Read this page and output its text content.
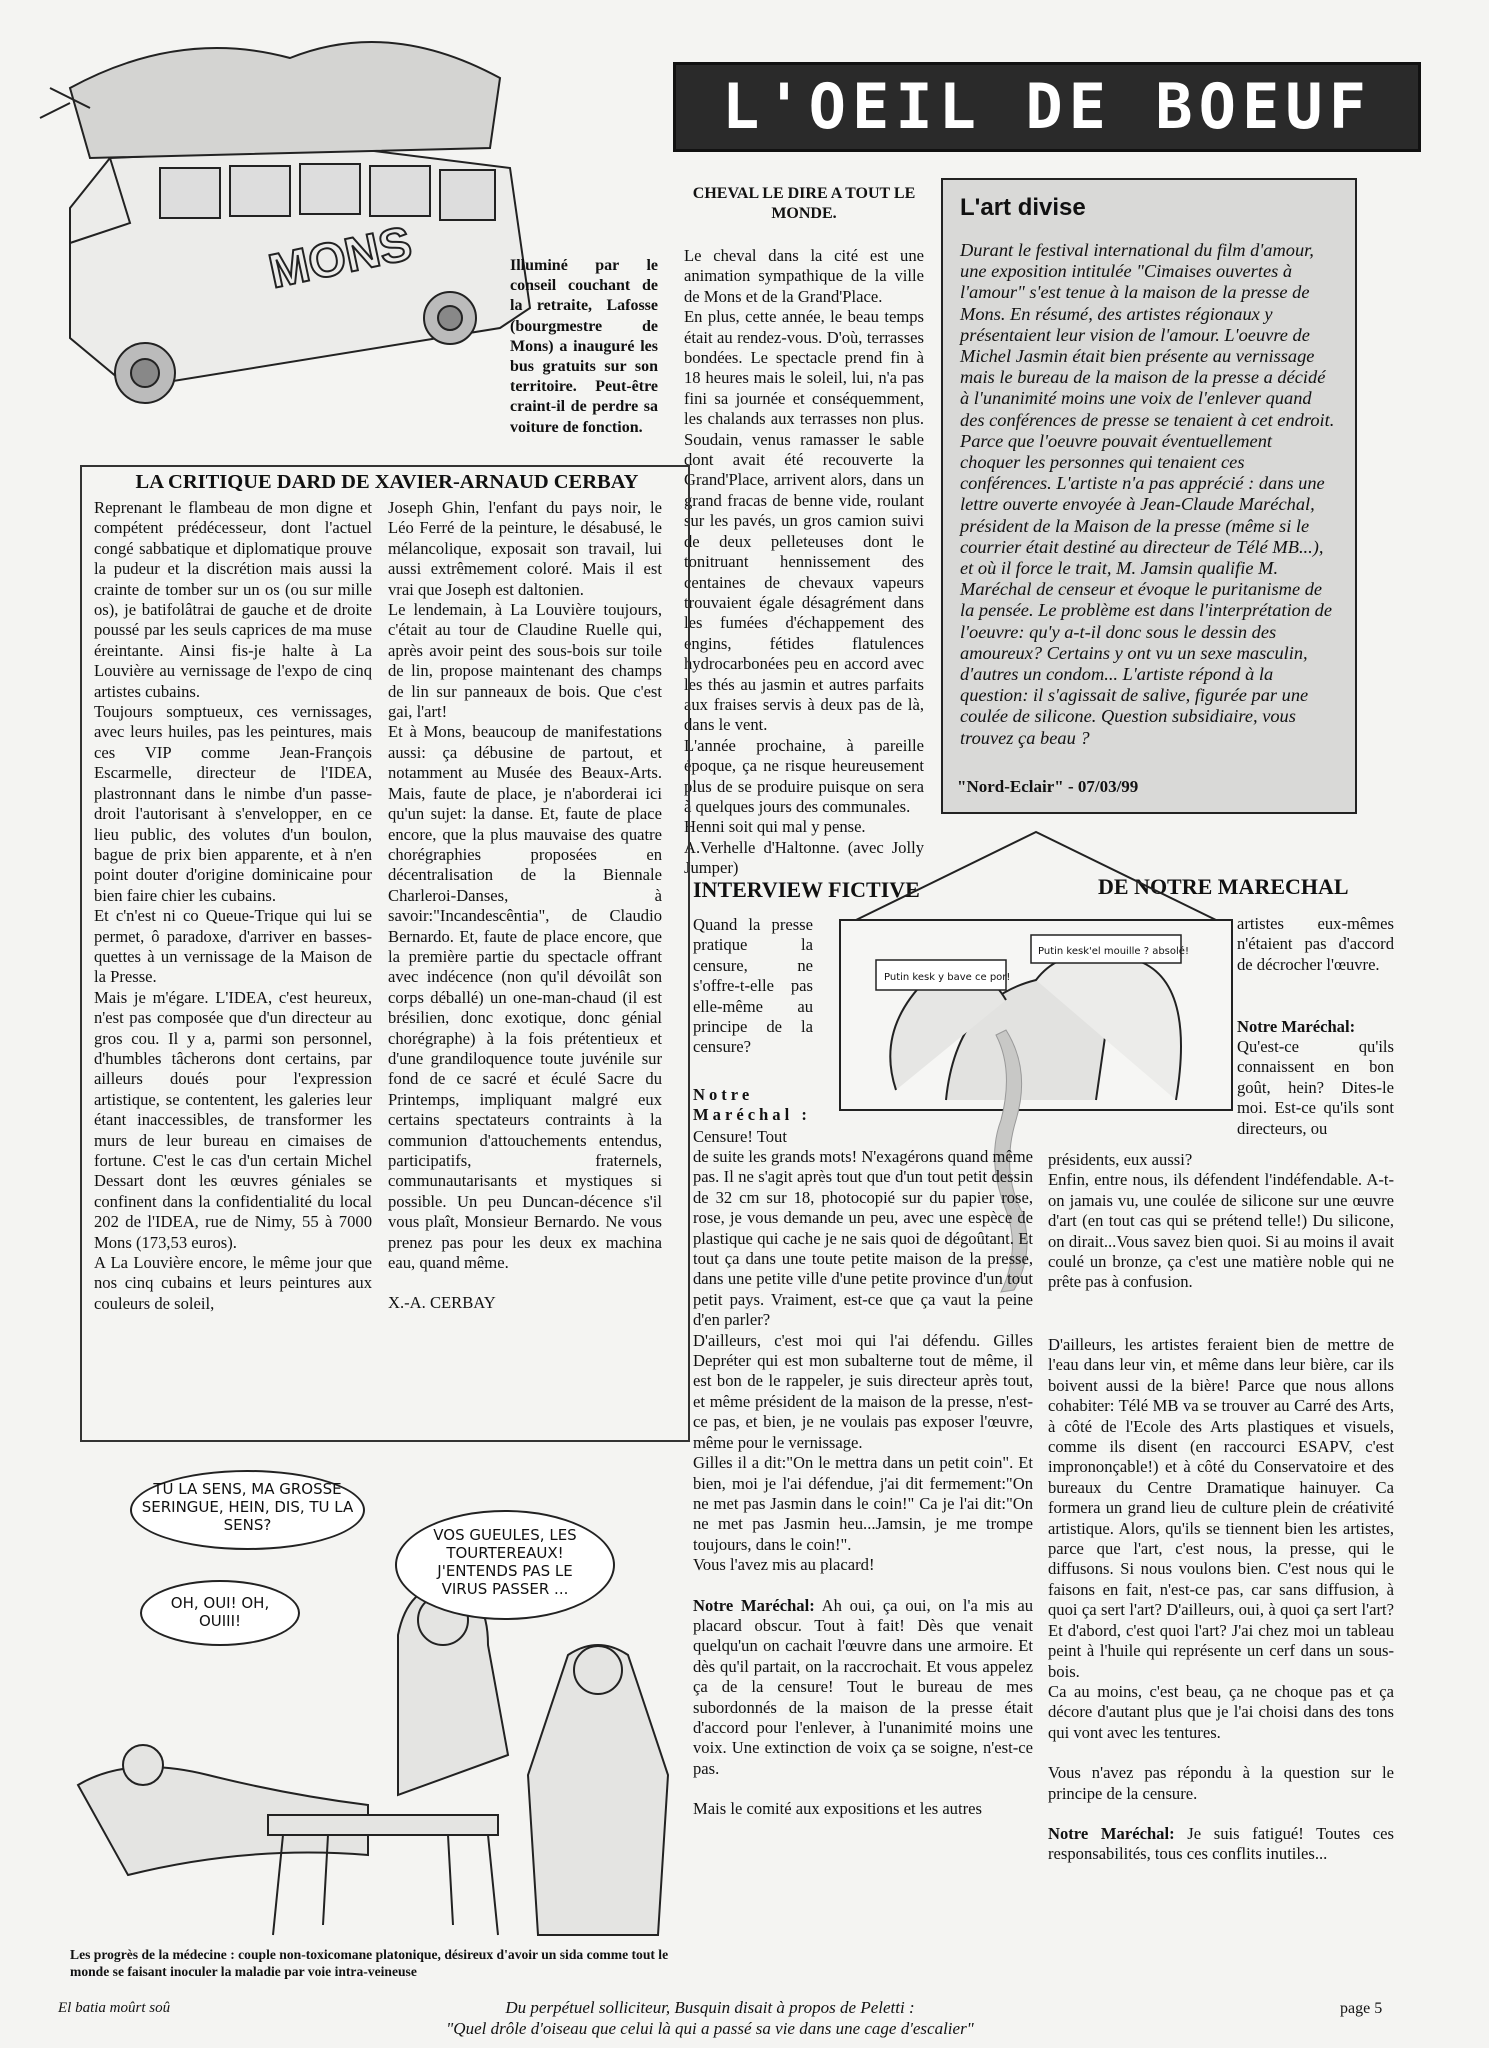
L'OEIL DE BOEUF
MONS	Illuminé par le conseil couchant de la retraite, Lafosse (bourgmestre de Mons) a inauguré les bus gratuits sur son territoire. Peut-être craint-il de perdre sa voiture de fonction.
CHEVAL LE DIRE A TOUT LE MONDE.

Le cheval dans la cité est une animation sympathique de la ville de Mons et de la Grand'Place.

En plus, cette année, le beau temps était au rendez-vous. D'où, terrasses bondées. Le spectacle prend fin à 18 heures mais le soleil, lui, n'a pas fini sa journée et conséquemment, les chalands aux terrasses non plus. Soudain, venus ramasser le sable dont avait été recouverte la Grand'Place, arrivent alors, dans un grand fracas de benne vide, roulant sur les pavés, un gros camion suivi de deux pelleteuses dont le tonitruant hennissement des centaines de chevaux vapeurs trouvaient égale désagrément dans les fumées d'échappement des engins, fétides flatulences hydrocarbonées peu en accord avec les thés au jasmin et autres parfaits aux fraises servis à deux pas de là, dans le vent.

L'année prochaine, à pareille époque, ça ne risque heureusement plus de se produire puisque on sera à quelques jours des communales.

Henni soit qui mal y pense.

A.Verhelle d'Haltonne. (avec Jolly Jumper)

L'art divise
Durant le festival international du film d'amour, une exposition intitulée "Cimaises ouvertes à l'amour" s'est tenue à la maison de la presse de Mons. En résumé, des artistes régionaux y présentaient leur vision de l'amour. L'oeuvre de Michel Jasmin était bien présente au vernissage mais le bureau de la maison de la presse a décidé à l'unanimité moins une voix de l'enlever quand des conférences de presse se tenaient à cet endroit. Parce que l'oeuvre pouvait éventuellement choquer les personnes qui tenaient ces conférences. L'artiste n'a pas apprécié : dans une lettre ouverte envoyée à Jean-Claude Maréchal, président de la Maison de la presse (même si le courrier était destiné au directeur de Télé MB...), et où il force le trait, M. Jamsin qualifie M. Maréchal de censeur et évoque le puritanisme de la pensée. Le problème est dans l'interprétation de l'oeuvre: qu'y a-t-il donc sous le dessin des amoureux? Certains y ont vu un sexe masculin, d'autres un condom... L'artiste répond à la question: il s'agissait de salive, figurée par une coulée de silicone. Question subsidiaire, vous trouvez ça beau ?
"Nord-Eclair" - 07/03/99
LA CRITIQUE DARD DE XAVIER-ARNAUD CERBAY

Reprenant le flambeau de mon digne et compétent prédécesseur, dont l'actuel congé sabbatique et diplomatique prouve la pudeur et la discrétion mais aussi la crainte de tomber sur un os (ou sur mille os), je batifolâtrai de gauche et de droite poussé par les seuls caprices de ma muse éreintante. Ainsi fis-je halte à La Louvière au vernissage de l'expo de cinq artistes cubains.

Toujours somptueux, ces vernissages, avec leurs huiles, pas les peintures, mais ces VIP comme Jean-François Escarmelle, directeur de l'IDEA, plastronnant dans le nimbe d'un passe-droit l'autorisant à s'envelopper, en ce lieu public, des volutes d'un boulon, bague de prix bien apparente, et à n'en point douter d'origine dominicaine pour bien faire chier les cubains.

Et c'n'est ni co Queue-Trique qui lui se permet, ô paradoxe, d'arriver en basses-quettes à un vernissage de la Maison de la Presse.

Mais je m'égare. L'IDEA, c'est heureux, n'est pas composée que d'un directeur au gros cou. Il y a, parmi son personnel, d'humbles tâcherons dont certains, par ailleurs doués pour l'expression artistique, se contentent, les galeries leur étant inaccessibles, de transformer les murs de leur bureau en cimaises de fortune. C'est le cas d'un certain Michel Dessart dont les œuvres géniales se confinent dans la confidentialité du local 202 de l'IDEA, rue de Nimy, 55 à 7000 Mons (173,53 euros).

A La Louvière encore, le même jour que nos cinq cubains et leurs peintures aux couleurs de soleil,

Joseph Ghin, l'enfant du pays noir, le Léo Ferré de la peinture, le désabusé, le mélancolique, exposait son travail, lui aussi extrêmement coloré. Mais il est vrai que Joseph est daltonien.

Le lendemain, à La Louvière toujours, c'était au tour de Claudine Ruelle qui, après avoir peint des sous-bois sur toile de lin, propose maintenant des champs de lin sur panneaux de bois. Que c'est gai, l'art!

Et à Mons, beaucoup de manifestations aussi: ça débusine de partout, et notamment au Musée des Beaux-Arts. Mais, faute de place, je n'aborderai ici qu'un sujet: la danse. Et, faute de place encore, que la plus mauvaise des quatre chorégraphies proposées en décentralisation de la Biennale Charleroi-Danses, à savoir:"Incandescêntia", de Claudio Bernardo. Et, faute de place encore, que la première partie du spectacle offrant avec indécence (non qu'il dévoilât son corps déballé) un one-man-chaud (il est brésilien, donc exotique, donc génial chorégraphe) à la fois prétentieux et d'une grandiloquence toute juvénile sur fond de ce sacré et éculé Sacre du Printemps, impliquant malgré eux certains spectateurs contraints à la communion d'attouchements entendus, participatifs, fraternels, communautarisants et mystiques si possible. Un peu Duncan-décence s'il vous plaît, Monsieur Bernardo. Ne vous prenez pas pour les deux ex machina eau, quand même.

X.-A. CERBAY

INTERVIEW FICTIVE	DE NOTRE MARECHAL
Putin kesk y bave ce por!
Putin kesk'el mouille ? absolé!
Quand la presse pratique la censure, ne s'offre-t-elle pas elle-même au principe de la censure?
Notre Maréchal :
Censure! Tout

de suite les grands mots! N'exagérons quand même pas. Il ne s'agit après tout que d'un tout petit dessin de 32 cm sur 18, photocopié sur du papier rose, rose, je vous demande un peu, avec une espèce de plastique qui cache je ne sais quoi de dégoûtant. Et tout ça dans une toute petite maison de la presse, dans une petite ville d'une petite province d'un tout petit pays. Vraiment, est-ce que ça vaut la peine d'en parler?

D'ailleurs, c'est moi qui l'ai défendu. Gilles Depréter qui est mon subalterne tout de même, il est bon de le rappeler, je suis directeur après tout, et même président de la maison de la presse, n'est-ce pas, et bien, je ne voulais pas exposer l'œuvre, même pour le vernissage.

Gilles il a dit:"On le mettra dans un petit coin". Et bien, moi je l'ai défendue, j'ai dit fermement:"On ne met pas Jasmin dans le coin!" Ca je l'ai dit:"On ne met pas Jasmin heu...Jamsin, je me trompe toujours, dans le coin!".

Vous l'avez mis au placard!

Notre Maréchal: Ah oui, ça oui, on l'a mis au placard obscur. Tout à fait! Dès que venait quelqu'un on cachait l'œuvre dans une armoire. Et dès qu'il partait, on la raccrochait. Et vous appelez ça de la censure! Tout le bureau de mes subordonnés de la maison de la presse était d'accord pour l'enlever, à l'unanimité moins une voix. Une extinction de voix ça se soigne, n'est-ce pas.

Mais le comité aux expositions et les autres

artistes eux-mêmes n'étaient pas d'accord de décrocher l'œuvre.
Notre Maréchal:
Qu'est-ce qu'ils connaissent en bon goût, hein? Dites-le moi. Est-ce qu'ils sont directeurs, ou

présidents, eux aussi?

Enfin, entre nous, ils défendent l'indéfendable. A-t-on jamais vu, une coulée de silicone sur une œuvre d'art (en tout cas qui se prétend telle!) Du silicone, on dirait...Vous savez bien quoi. Si au moins il avait coulé un bronze, ça c'est une matière noble qui ne prête pas à confusion.

D'ailleurs, les artistes feraient bien de mettre de l'eau dans leur vin, et même dans leur bière, car ils boivent aussi de la bière! Parce que nous allons cohabiter: Télé MB va se trouver au Carré des Arts, à côté de l'Ecole des Arts plastiques et visuels, comme ils disent (en raccourci ESAPV, c'est imprononçable!) et à côté du Conservatoire et des bureaux du Centre Dramatique hainuyer. Ca formera un grand lieu de culture plein de créativité artistique. Alors, qu'ils se tiennent bien les artistes, parce que l'art, c'est nous, la presse, qui le diffusons. Si nous voulons bien. C'est nous qui le faisons en fait, n'est-ce pas, car sans diffusion, à quoi ça sert l'art? D'ailleurs, oui, à quoi ça sert l'art? Et d'abord, c'est quoi l'art? J'ai chez moi un tableau peint à l'huile qui représente un cerf dans un sous-bois.

Ca au moins, c'est beau, ça ne choque pas et ça décore d'autant plus que je l'ai choisi dans des tons qui vont avec les tentures.

Vous n'avez pas répondu à la question sur le principe de la censure.

Notre Maréchal: Je suis fatigué! Toutes ces responsabilités, tous ces conflits inutiles...

TU LA SENS, MA GROSSE SERINGUE, HEIN, DIS, TU LA SENS?
OH, OUI! OH, OUIII!
VOS GUEULES, LES TOURTEREAUX! J'ENTENDS PAS LE VIRUS PASSER ...
Les progrès de la médecine : couple non-toxicomane platonique, désireux d'avoir un sida comme tout le monde se faisant inoculer la maladie par voie intra-veineuse
El batia moûrt soû	Du perpétuel solliciteur, Busquin disait à propos de Peletti :
"Quel drôle d'oiseau que celui là qui a passé sa vie dans une cage d'escalier"
page 5
